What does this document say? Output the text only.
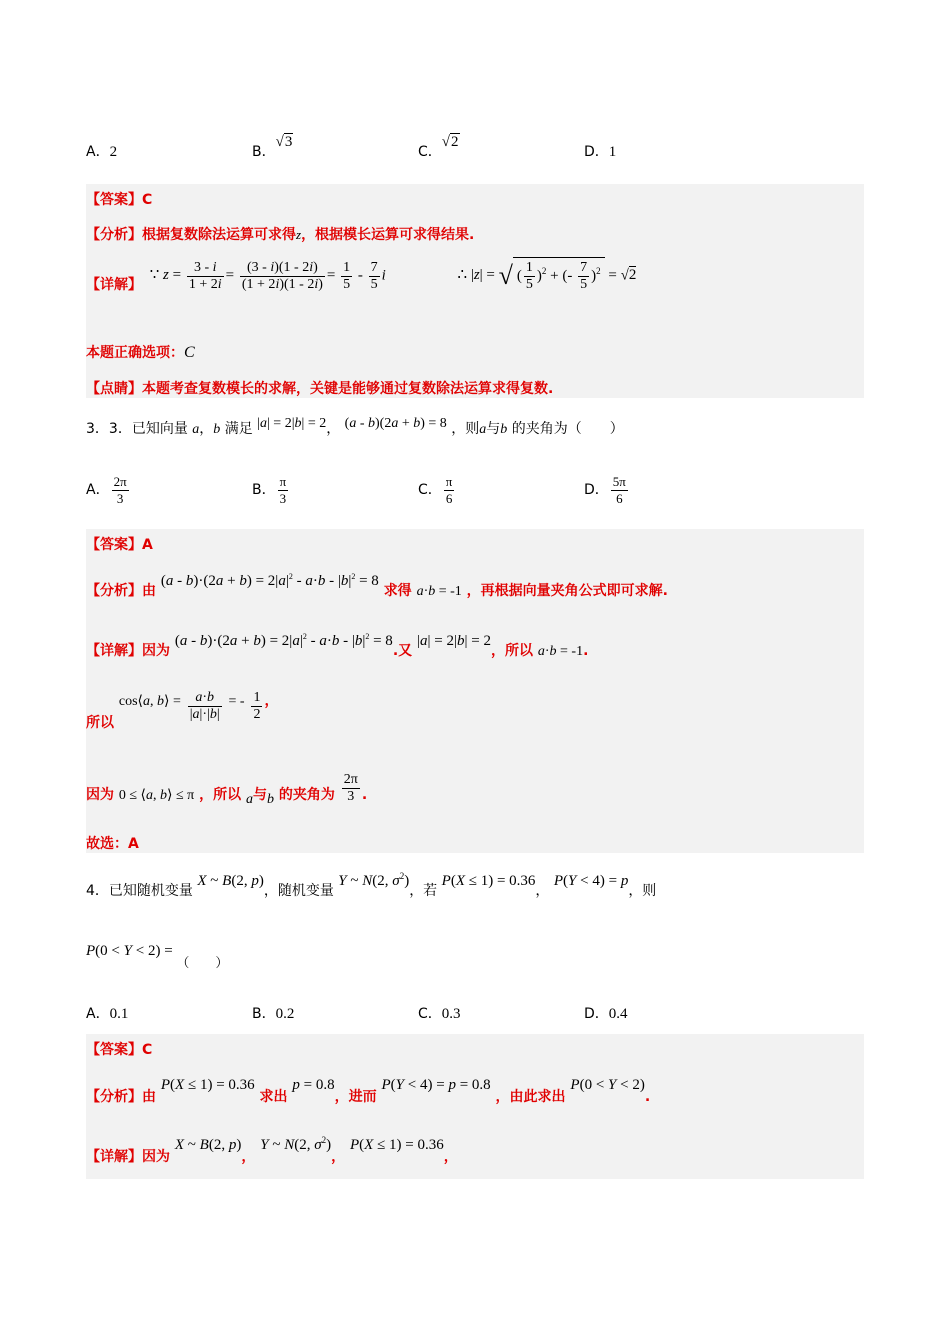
A．2	B．√3
C．√2
D．1
【答案】C
【分析】根据复数除法运算可求得z，根据模长运算可求得结果.
【详解】 ∵ $z = \frac{3 - i}{1 + 2i} = \frac{(3 - i)(1 - 2i)}{(1 + 2i)(1 - 2i)} = \frac{1}{5} - \frac{7}{5}$ i	∴ |z| = √ ( $\frac{1}{5} )^2$ + (- $\frac{7}{5} )^2 = √2$
本题正确选项：C
【点睛】本题考查复数模长的求解，关键是能够通过复数除法运算求得复数.
3．3．已知向量 a，b 满足 |a| = 2|b| = 2， (a - b)(2a + b) = 8 ，则a与b 的夹角为（　　）
A． $\frac{2\pi}{3}$	B． $\frac{\pi}{3}$	C． $\frac{\pi}{6}$	D． $\frac{5\pi}{6}$
【答案】A
【分析】由 $(a - b)\cdot(2a + b) = 2|a|^2 - a\cdot b - |b|^2 = 8$ 求得 a·b = -1 ，再根据向量夹角公式即可求解.
【详解】因为 $(a - b)\cdot(2a + b) = 2|a|^2 - a\cdot b - |b|^2 = 8$.又 |a| = 2|b| = 2，所以 a·b = -1.
所以 cos⟨a, b⟩ = $\frac{a\cdot b}{|a|\cdot|b|}$ = - $\frac{1}{2}$ ，
因为 0 ≤ ⟨a, b⟩ ≤ π ，所以 a与b 的夹角为 $\frac{2\pi}{3}$ .
故选：A
4．已知随机变量 X ~ B(2, p)，随机变量 Y ~ N(2, $\sigma^2$)，若 P(X ≤ 1) = 0.36， P(Y < 4) = p，则
P(0 < Y < 2) = （　　）
A．0.1	B．0.2	C．0.3	D．0.4
【答案】C
【分析】由 P(X ≤ 1) = 0.36 求出 p = 0.8，进而 P(Y < 4) = p = 0.8 ，由此求出 P(0 < Y < 2).
【详解】因为 X ~ B(2, p)， Y ~ N(2, $\sigma^2$)， P(X ≤ 1) = 0.36，
